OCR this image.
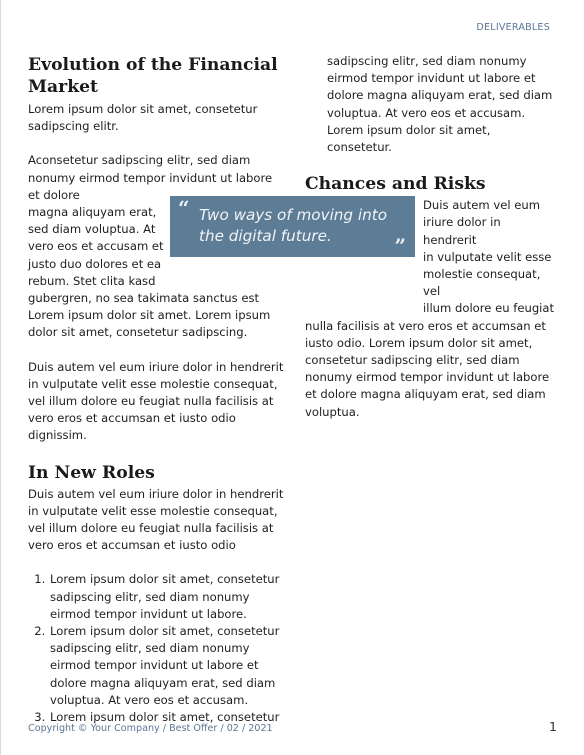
DELIVERABLES
Evolution of the Financial Market

Lorem ipsum dolor sit amet, consetetur sadipscing elitr.

Aconsetetur sadipscing elitr, sed diam nonumy eirmod tempor invidunt ut labore et dolore
magna aliquyam erat,
sed diam voluptua. At
vero eos et accusam et
justo duo dolores et ea
rebum. Stet clita kasd
gubergren, no sea takimata sanctus est Lorem ipsum dolor sit amet. Lorem ipsum dolor sit amet, consetetur sadipscing.

Duis autem vel eum iriure dolor in hendrerit in vulputate velit esse molestie consequat, vel illum dolore eu feugiat nulla facilisis at vero eros et accumsan et iusto odio dignissim.

In New Roles

Duis autem vel eum iriure dolor in hendrerit in vulputate velit esse molestie consequat, vel illum dolore eu feugiat nulla facilisis at vero eros et accumsan et iusto odio

1. Lorem ipsum dolor sit amet, consetetur sadipscing elitr, sed diam nonumy eirmod tempor invidunt ut labore.
2. Lorem ipsum dolor sit amet, consetetur sadipscing elitr, sed diam nonumy eirmod tempor invidunt ut labore et dolore magna aliquyam erat, sed diam voluptua. At vero eos et accusam.
3. Lorem ipsum dolor sit amet, consetetur

sadipscing elitr, sed diam nonumy eirmod tempor invidunt ut labore et dolore magna aliquyam erat, sed diam voluptua. At vero eos et accusam. Lorem ipsum dolor sit amet, consetetur.

Chances and Risks
Duis autem vel eum
iriure dolor in hendrerit
in vulputate velit esse
molestie consequat, vel
illum dolore eu feugiat
nulla facilisis at vero eros et accumsan et iusto odio. Lorem ipsum dolor sit amet, consetetur sadipscing elitr, sed diam nonumy eirmod tempor invidunt ut labore et dolore magna aliquyam erat, sed diam voluptua.
“ Two ways of moving into the digital future.	”
Copyright © Your Company / Best Offer / 02 / 2021	1
